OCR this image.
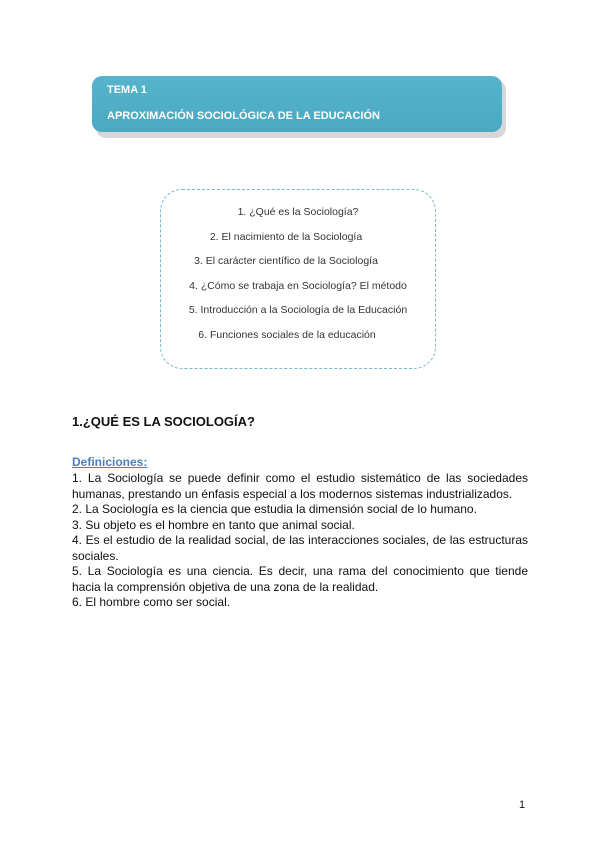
TEMA 1
APROXIMACIÓN SOCIOLÓGICA DE LA EDUCACIÓN
1. ¿Qué es la Sociología?
2. El nacimiento de la Sociología
3. El carácter científico de la Sociología
4. ¿Cómo se trabaja en Sociología? El método
5. Introducción a la Sociología de la Educación
6. Funciones sociales de la educación
1.¿QUÉ ES LA SOCIOLOGÍA?
Definiciones:
1. La Sociología se puede definir como el estudio sistemático de las sociedades humanas, prestando un énfasis especial a los modernos sistemas industrializados.
2. La Sociología es la ciencia que estudia la dimensión social de lo humano.
3. Su objeto es el hombre en tanto que animal social.
4. Es el estudio de la realidad social, de las interacciones sociales, de las estructuras sociales.
5. La Sociología es una ciencia. Es decir, una rama del conocimiento que tiende hacia la comprensión objetiva de una zona de la realidad.
6. El hombre como ser social.
1
